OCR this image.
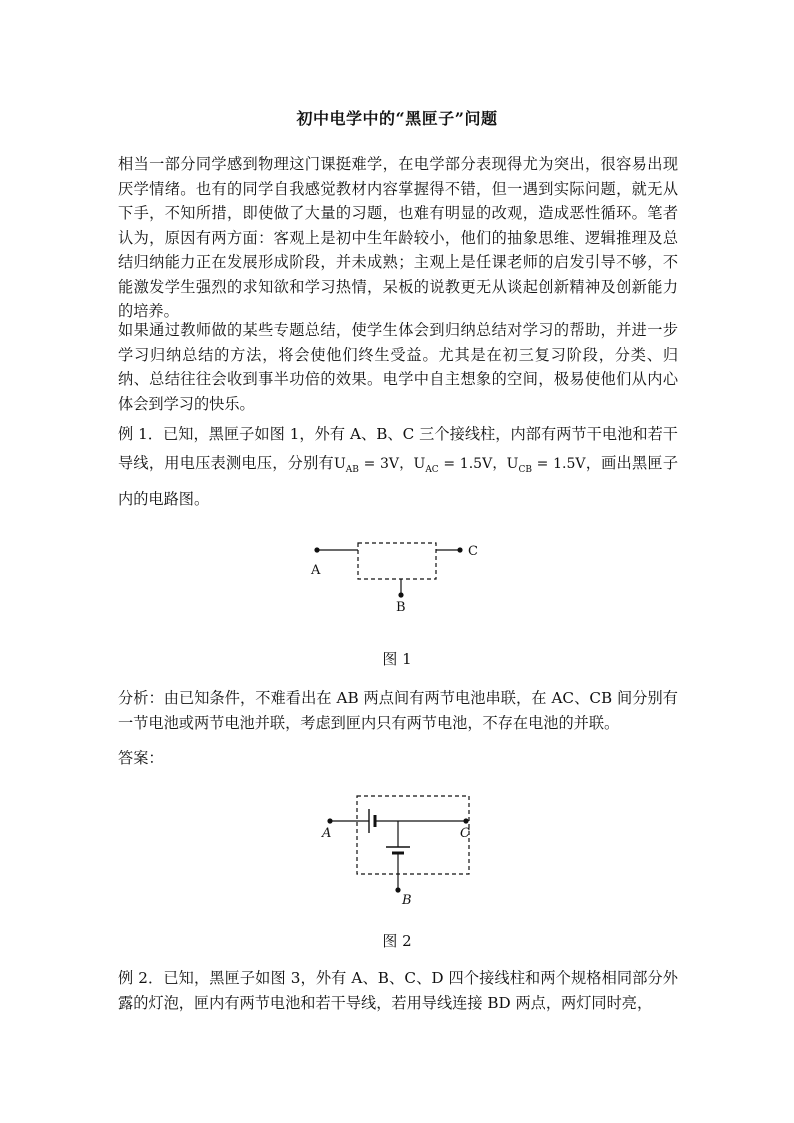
初中电学中的“黑匣子”问题
相当一部分同学感到物理这门课挺难学，在电学部分表现得尤为突出，很容易出现厌学情绪。也有的同学自我感觉教材内容掌握得不错，但一遇到实际问题，就无从下手，不知所措，即使做了大量的习题，也难有明显的改观，造成恶性循环。笔者认为，原因有两方面：客观上是初中生年龄较小，他们的抽象思维、逻辑推理及总结归纳能力正在发展形成阶段，并未成熟；主观上是任课老师的启发引导不够，不能激发学生强烈的求知欲和学习热情，呆板的说教更无从谈起创新精神及创新能力的培养。
如果通过教师做的某些专题总结，使学生体会到归纳总结对学习的帮助，并进一步学习归纳总结的方法，将会使他们终生受益。尤其是在初三复习阶段，分类、归纳、总结往往会收到事半功倍的效果。电学中自主想象的空间，极易使他们从内心体会到学习的快乐。
例 1．已知，黑匣子如图 1，外有 A、B、C 三个接线柱，内部有两节干电池和若干导线，用电压表测电压，分别有$U_{AB} = 3V$，$U_{AC} = 1.5V$，$U_{CB} = 1.5V$，画出黑匣子内的电路图。
A
C
B
图 1
分析：由已知条件，不难看出在 AB 两点间有两节电池串联，在 AC、CB 间分别有一节电池或两节电池并联，考虑到匣内只有两节电池，不存在电池的并联。
答案：
A	C
B
图 2
例 2．已知，黑匣子如图 3，外有 A、B、C、D 四个接线柱和两个规格相同部分外露的灯泡，匣内有两节电池和若干导线，若用导线连接 BD 两点，两灯同时亮，
